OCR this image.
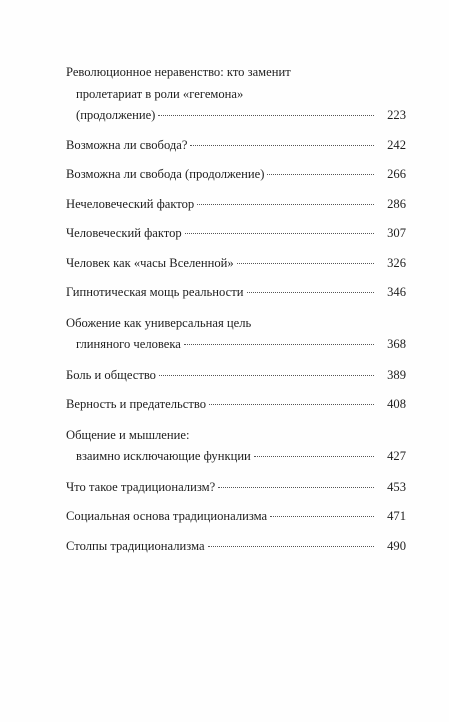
Революционное неравенство: кто заменит
пролетариат в роли «гегемона»
(продолжение)	223
Возможна ли свобода?	242
Возможна ли свобода (продолжение)	266
Нечеловеческий фактор	286
Человеческий фактор	307
Человек как «часы Вселенной»	326
Гипнотическая мощь реальности	346
Обожение как универсальная цель
глиняного человека	368
Боль и общество	389
Верность и предательство	408
Общение и мышление:
взаимно исключающие функции	427
Что такое традиционализм?	453
Социальная основа традиционализма	471
Столпы традиционализма	490
